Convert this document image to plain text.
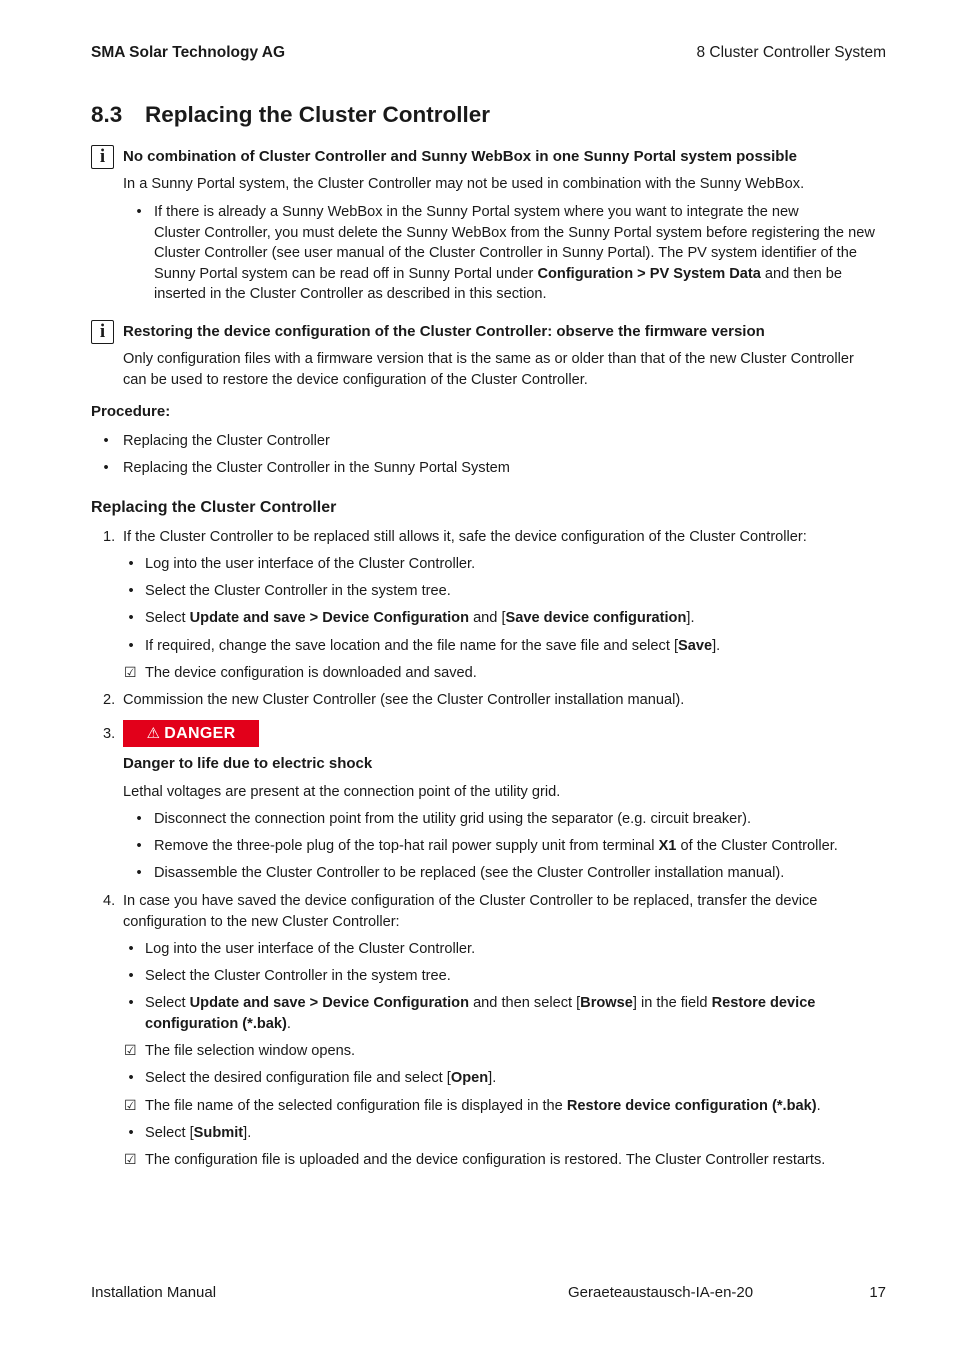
SMA Solar Technology AG	8 Cluster Controller System
8.3 Replacing the Cluster Controller
i	No combination of Cluster Controller and Sunny WebBox in one Sunny Portal system possible
In a Sunny Portal system, the Cluster Controller may not be used in combination with the Sunny WebBox.
• If there is already a Sunny WebBox in the Sunny Portal system where you want to integrate the new
Cluster Controller, you must delete the Sunny WebBox from the Sunny Portal system before registering the new
Cluster Controller (see user manual of the Cluster Controller in Sunny Portal). The PV system identifier of the
Sunny Portal system can be read off in Sunny Portal under Configuration > PV System Data and then be
inserted in the Cluster Controller as described in this section.
i	Restoring the device configuration of the Cluster Controller: observe the firmware version
Only configuration files with a firmware version that is the same as or older than that of the new Cluster Controller
can be used to restore the device configuration of the Cluster Controller.
Procedure:
• Replacing the Cluster Controller
• Replacing the Cluster Controller in the Sunny Portal System
Replacing the Cluster Controller
1. If the Cluster Controller to be replaced still allows it, safe the device configuration of the Cluster Controller:
• Log into the user interface of the Cluster Controller.
• Select the Cluster Controller in the system tree.
• Select Update and save > Device Configuration and [Save device configuration].
• If required, change the save location and the file name for the save file and select [Save].
☑ The device configuration is downloaded and saved.
2. Commission the new Cluster Controller (see the Cluster Controller installation manual).
3.	⚠ DANGER
Danger to life due to electric shock
Lethal voltages are present at the connection point of the utility grid.
• Disconnect the connection point from the utility grid using the separator (e.g. circuit breaker).
• Remove the three-pole plug of the top-hat rail power supply unit from terminal X1 of the Cluster Controller.
• Disassemble the Cluster Controller to be replaced (see the Cluster Controller installation manual).
4. In case you have saved the device configuration of the Cluster Controller to be replaced, transfer the device
configuration to the new Cluster Controller:
• Log into the user interface of the Cluster Controller.
• Select the Cluster Controller in the system tree.
• Select Update and save > Device Configuration and then select [Browse] in the field Restore device
configuration (*.bak).
☑ The file selection window opens.
• Select the desired configuration file and select [Open].
☑ The file name of the selected configuration file is displayed in the Restore device configuration (*.bak).
• Select [Submit].
☑ The configuration file is uploaded and the device configuration is restored. The Cluster Controller restarts.
Installation Manual	Geraeteaustausch-IA-en-20	17
